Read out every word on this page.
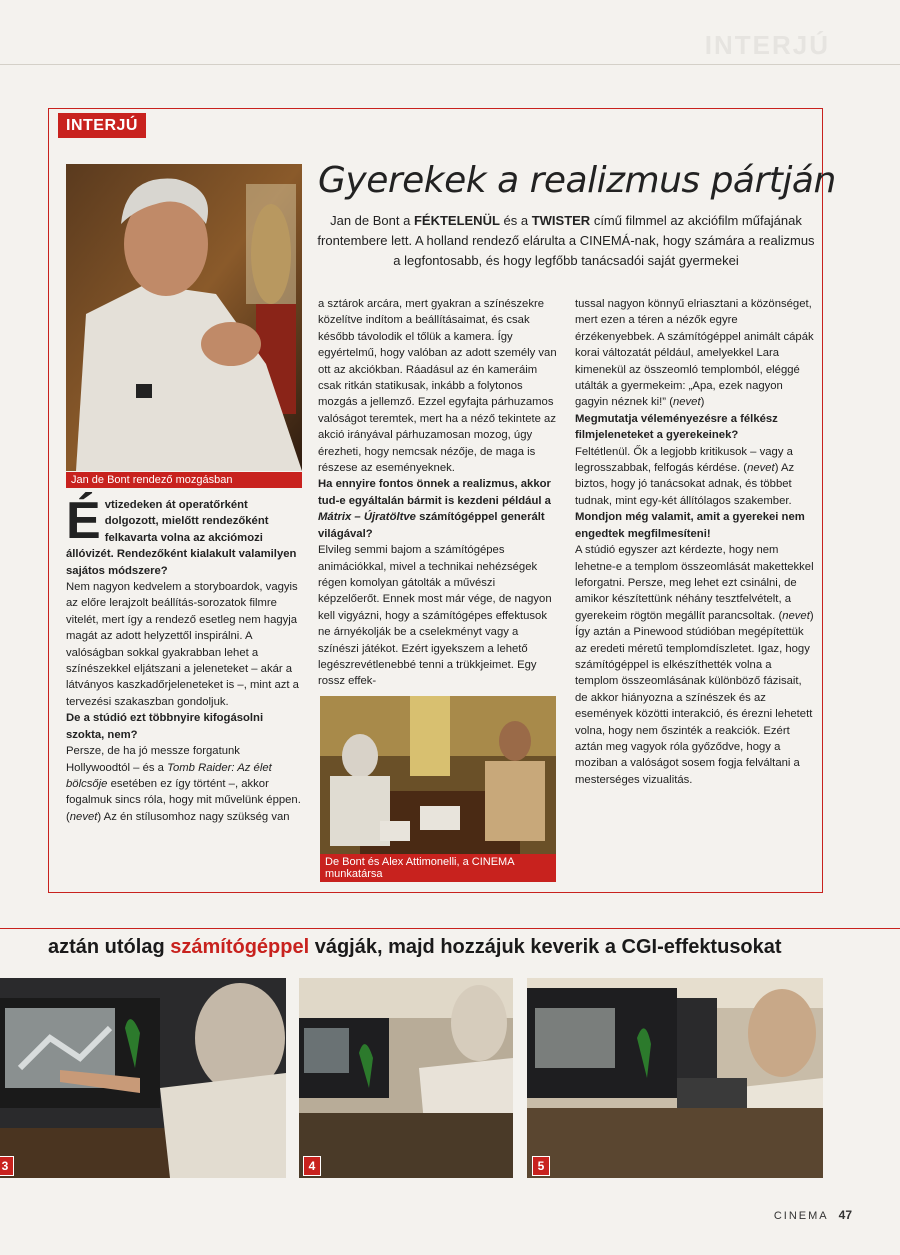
INTERJÚ
INTERJÚ
Jan de Bont rendező mozgásban
Gyerekek a realizmus pártján
Jan de Bont a FÉKTELENÜL és a TWISTER című filmmel az akciófilm műfajának frontembere lett. A holland rendező elárulta a CINEMÁ-nak, hogy számára a realizmus a legfontosabb, és hogy legfőbb tanácsadói saját gyermekei

Évtizedeken át operatőrként dolgozott, mielőtt rendezőként felkavarta volna az akciómozi állóvizét. Rendezőként kialakult valamilyen sajátos módszere?

Nem nagyon kedvelem a storyboardok, vagyis az előre lerajzolt beállítás-sorozatok filmre vitelét, mert így a rendező esetleg nem hagyja magát az adott helyzettől inspirálni. A valóságban sokkal gyakrabban lehet a színészekkel eljátszani a jeleneteket – akár a látványos kaszkadőrjeleneteket is –, mint azt a tervezési szakaszban gondoljuk.

De a stúdió ezt többnyire kifogásolni szokta, nem?

Persze, de ha jó messze forgatunk Hollywoodtól – és a Tomb Raider: Az élet bölcsője esetében ez így történt –, akkor fogalmuk sincs róla, hogy mit művelünk éppen. (nevet) Az én stílusomhoz nagy szükség van

a sztárok arcára, mert gyakran a színészekre közelítve indítom a beállításaimat, és csak később távolodik el tőlük a kamera. Így egyértelmű, hogy valóban az adott személy van ott az akciókban. Ráadásul az én kameráim csak ritkán statikusak, inkább a folytonos mozgás a jellemző. Ezzel egyfajta párhuzamos valóságot teremtek, mert ha a néző tekintete az akció irányával párhuzamosan mozog, úgy érezheti, hogy nemcsak nézője, de maga is részese az eseményeknek.

Ha ennyire fontos önnek a realizmus, akkor tud-e egyáltalán bármit is kezdeni például a Mátrix – Újratöltve számítógéppel generált világával?

Elvileg semmi bajom a számítógépes animációkkal, mivel a technikai nehézségek régen komolyan gátolták a művészi képzelőerőt. Ennek most már vége, de nagyon kell vigyázni, hogy a számítógépes effektusok ne árnyékolják be a cselekményt vagy a színészi játékot. Ezért igyekszem a lehető legészrevétlenebbé tenni a trükkjeimet. Egy rossz effek-

De Bont és Alex Attimonelli, a CINEMA munkatársa

tussal nagyon könnyű elriasztani a közönséget, mert ezen a téren a nézők egyre érzékenyebbek. A számítógéppel animált cápák korai változatát például, amelyekkel Lara kimenekül az összeomló templomból, eléggé utálták a gyermekeim: „Apa, ezek nagyon gagyin néznek ki!” (nevet)

Megmutatja véleményezésre a félkész filmjeleneteket a gyerekeinek?

Feltétlenül. Ők a legjobb kritikusok – vagy a legrosszabbak, felfogás kérdése. (nevet) Az biztos, hogy jó tanácsokat adnak, és többet tudnak, mint egy-két állítólagos szakember.

Mondjon még valamit, amit a gyerekei nem engedtek megfilmesíteni!

A stúdió egyszer azt kérdezte, hogy nem lehetne-e a templom összeomlását makettekkel leforgatni. Persze, meg lehet ezt csinálni, de amikor készítettünk néhány tesztfelvételt, a gyerekeim rögtön megállít parancsoltak. (nevet) Így aztán a Pinewood stúdióban megépítettük az eredeti méretű templomdíszletet. Igaz, hogy számítógéppel is elkészíthették volna a templom összeomlásának különböző fázisait, de akkor hiányozna a színészek és az események közötti interakció, és érezni lehetett volna, hogy nem őszinték a reakciók. Ezért aztán meg vagyok róla győződve, hogy a moziban a valóságot sosem fogja felváltani a mesterséges vizualitás.

aztán utólag számítógéppel vágják, majd hozzájuk keverik a CGI-effektusokat
3	4	5
CINEMA 47
